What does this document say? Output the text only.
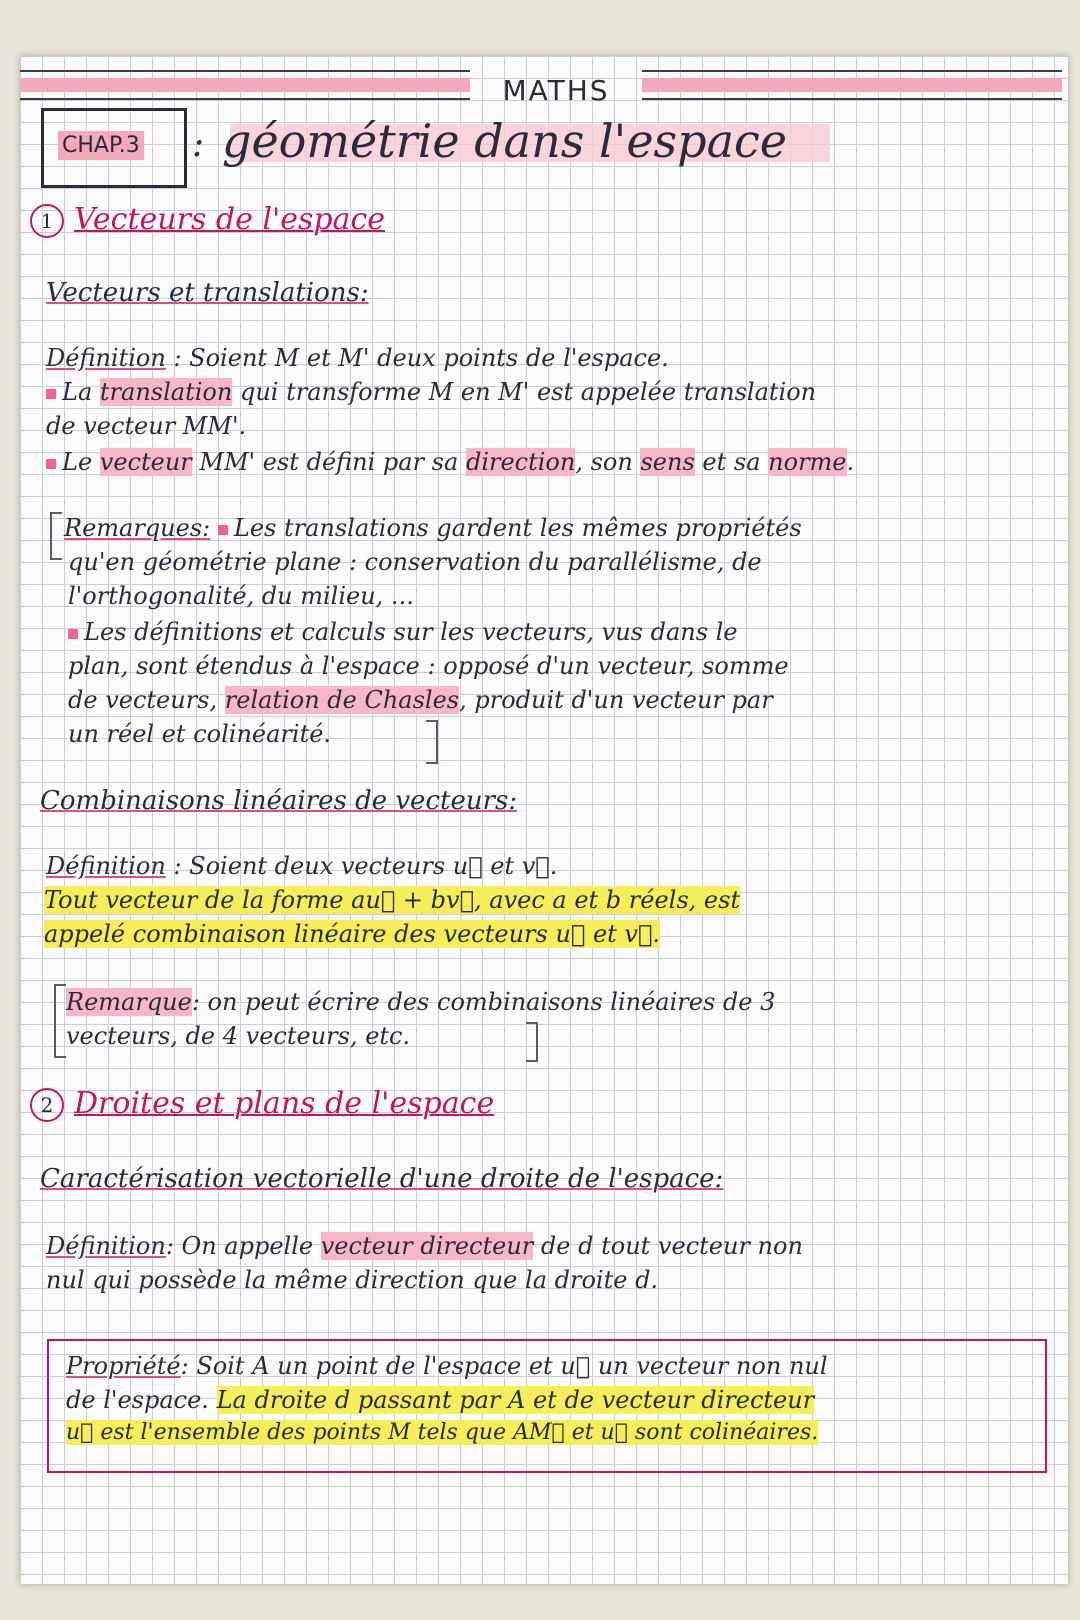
MATHS
CHAP.3 : géométrie dans l'espace
1 Vecteurs de l'espace
Vecteurs et translations:
Définition : Soient M et M' deux points de l'espace.
La translation qui transforme M en M' est appelée translation
de vecteur MM'.
Le vecteur MM' est défini par sa direction, son sens et sa norme.
Remarques: Les translations gardent les mêmes propriétés
qu'en géométrie plane : conservation du parallélisme, de
l'orthogonalité, du milieu, ...
Les définitions et calculs sur les vecteurs, vus dans le
plan, sont étendus à l'espace : opposé d'un vecteur, somme
de vecteurs, relation de Chasles, produit d'un vecteur par
un réel et colinéarité.
Combinaisons linéaires de vecteurs:
Définition : Soient deux vecteurs u⃗ et v⃗.
Tout vecteur de la forme au⃗ + bv⃗, avec a et b réels, est
appelé combinaison linéaire des vecteurs u⃗ et v⃗.
Remarque: on peut écrire des combinaisons linéaires de 3
vecteurs, de 4 vecteurs, etc.
2 Droites et plans de l'espace
Caractérisation vectorielle d'une droite de l'espace:
Définition: On appelle vecteur directeur de d tout vecteur non
nul qui possède la même direction que la droite d.
Propriété: Soit A un point de l'espace et u⃗ un vecteur non nul
de l'espace. La droite d passant par A et de vecteur directeur
u⃗ est l'ensemble des points M tels que AM⃗ et u⃗ sont colinéaires.
